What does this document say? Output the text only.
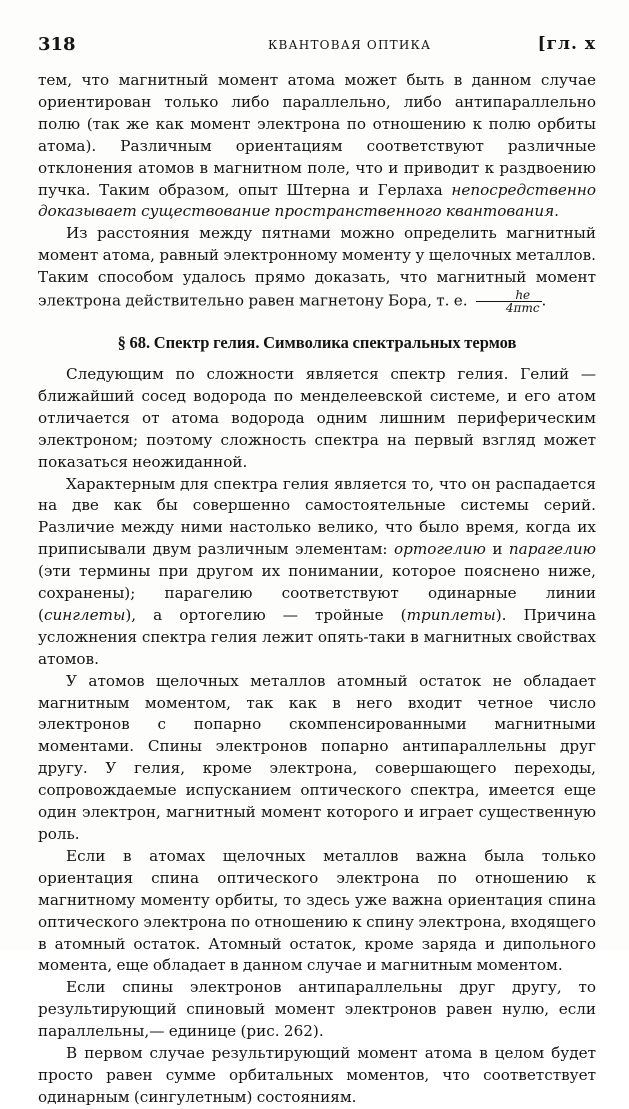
318	КВАНТОВАЯ ОПТИКА	[гл. x

тем, что магнитный момент атома может быть в данном случае ориентирован только либо параллельно, либо антипараллельно полю (так же как момент электрона по отношению к полю орбиты атома). Различным ориентациям соответствуют различные отклонения атомов в магнитном поле, что и приводит к раздвоению пучка. Таким образом, опыт Штерна и Герлаха непосредственно доказывает существование пространственного квантования.

Из расстояния между пятнами можно определить магнитный момент атома, равный электронному моменту у щелочных металлов. Таким способом удалось прямо доказать, что магнитный момент электрона действительно равен магнетону Бора, т. е. $\frac{he}{\text{4πmc}}$ .

§ 68. Спектр гелия. Символика спектральных термов

Следующим по сложности является спектр гелия. Гелий — ближайший сосед водорода по менделеевской системе, и его атом отличается от атома водорода одним лишним периферическим электроном; поэтому сложность спектра на первый взгляд может показаться неожиданной.

Характерным для спектра гелия является то, что он распадается на две как бы совершенно самостоятельные системы серий. Различие между ними настолько велико, что было время, когда их приписывали двум различным элементам: ортогелию и парагелию (эти термины при другом их понимании, которое пояснено ниже, сохранены); парагелию соответствуют одинарные линии (синглеты), а ортогелию — тройные (триплеты). Причина усложнения спектра гелия лежит опять-таки в магнитных свойствах атомов.

У атомов щелочных металлов атомный остаток не обладает магнитным моментом, так как в него входит четное число электронов с попарно скомпенсированными магнитными моментами. Спины электронов попарно антипараллельны друг другу. У гелия, кроме электрона, совершающего переходы, сопровождаемые испусканием оптического спектра, имеется еще один электрон, магнитный момент которого и играет существенную роль.

Если в атомах щелочных металлов важна была только ориентация спина оптического электрона по отношению к магнитному моменту орбиты, то здесь уже важна ориентация спина оптического электрона по отношению к спину электрона, входящего в атомный остаток. Атомный остаток, кроме заряда и дипольного момента, еще обладает в данном случае и магнитным моментом.

Если спины электронов антипараллельны друг другу, то результирующий спиновый момент электронов равен нулю, если параллельны,— единице (рис. 262).

В первом случае результирующий момент атома в целом будет просто равен сумме орбитальных моментов, что соответствует одинарным (сингулетным) состояниям.
